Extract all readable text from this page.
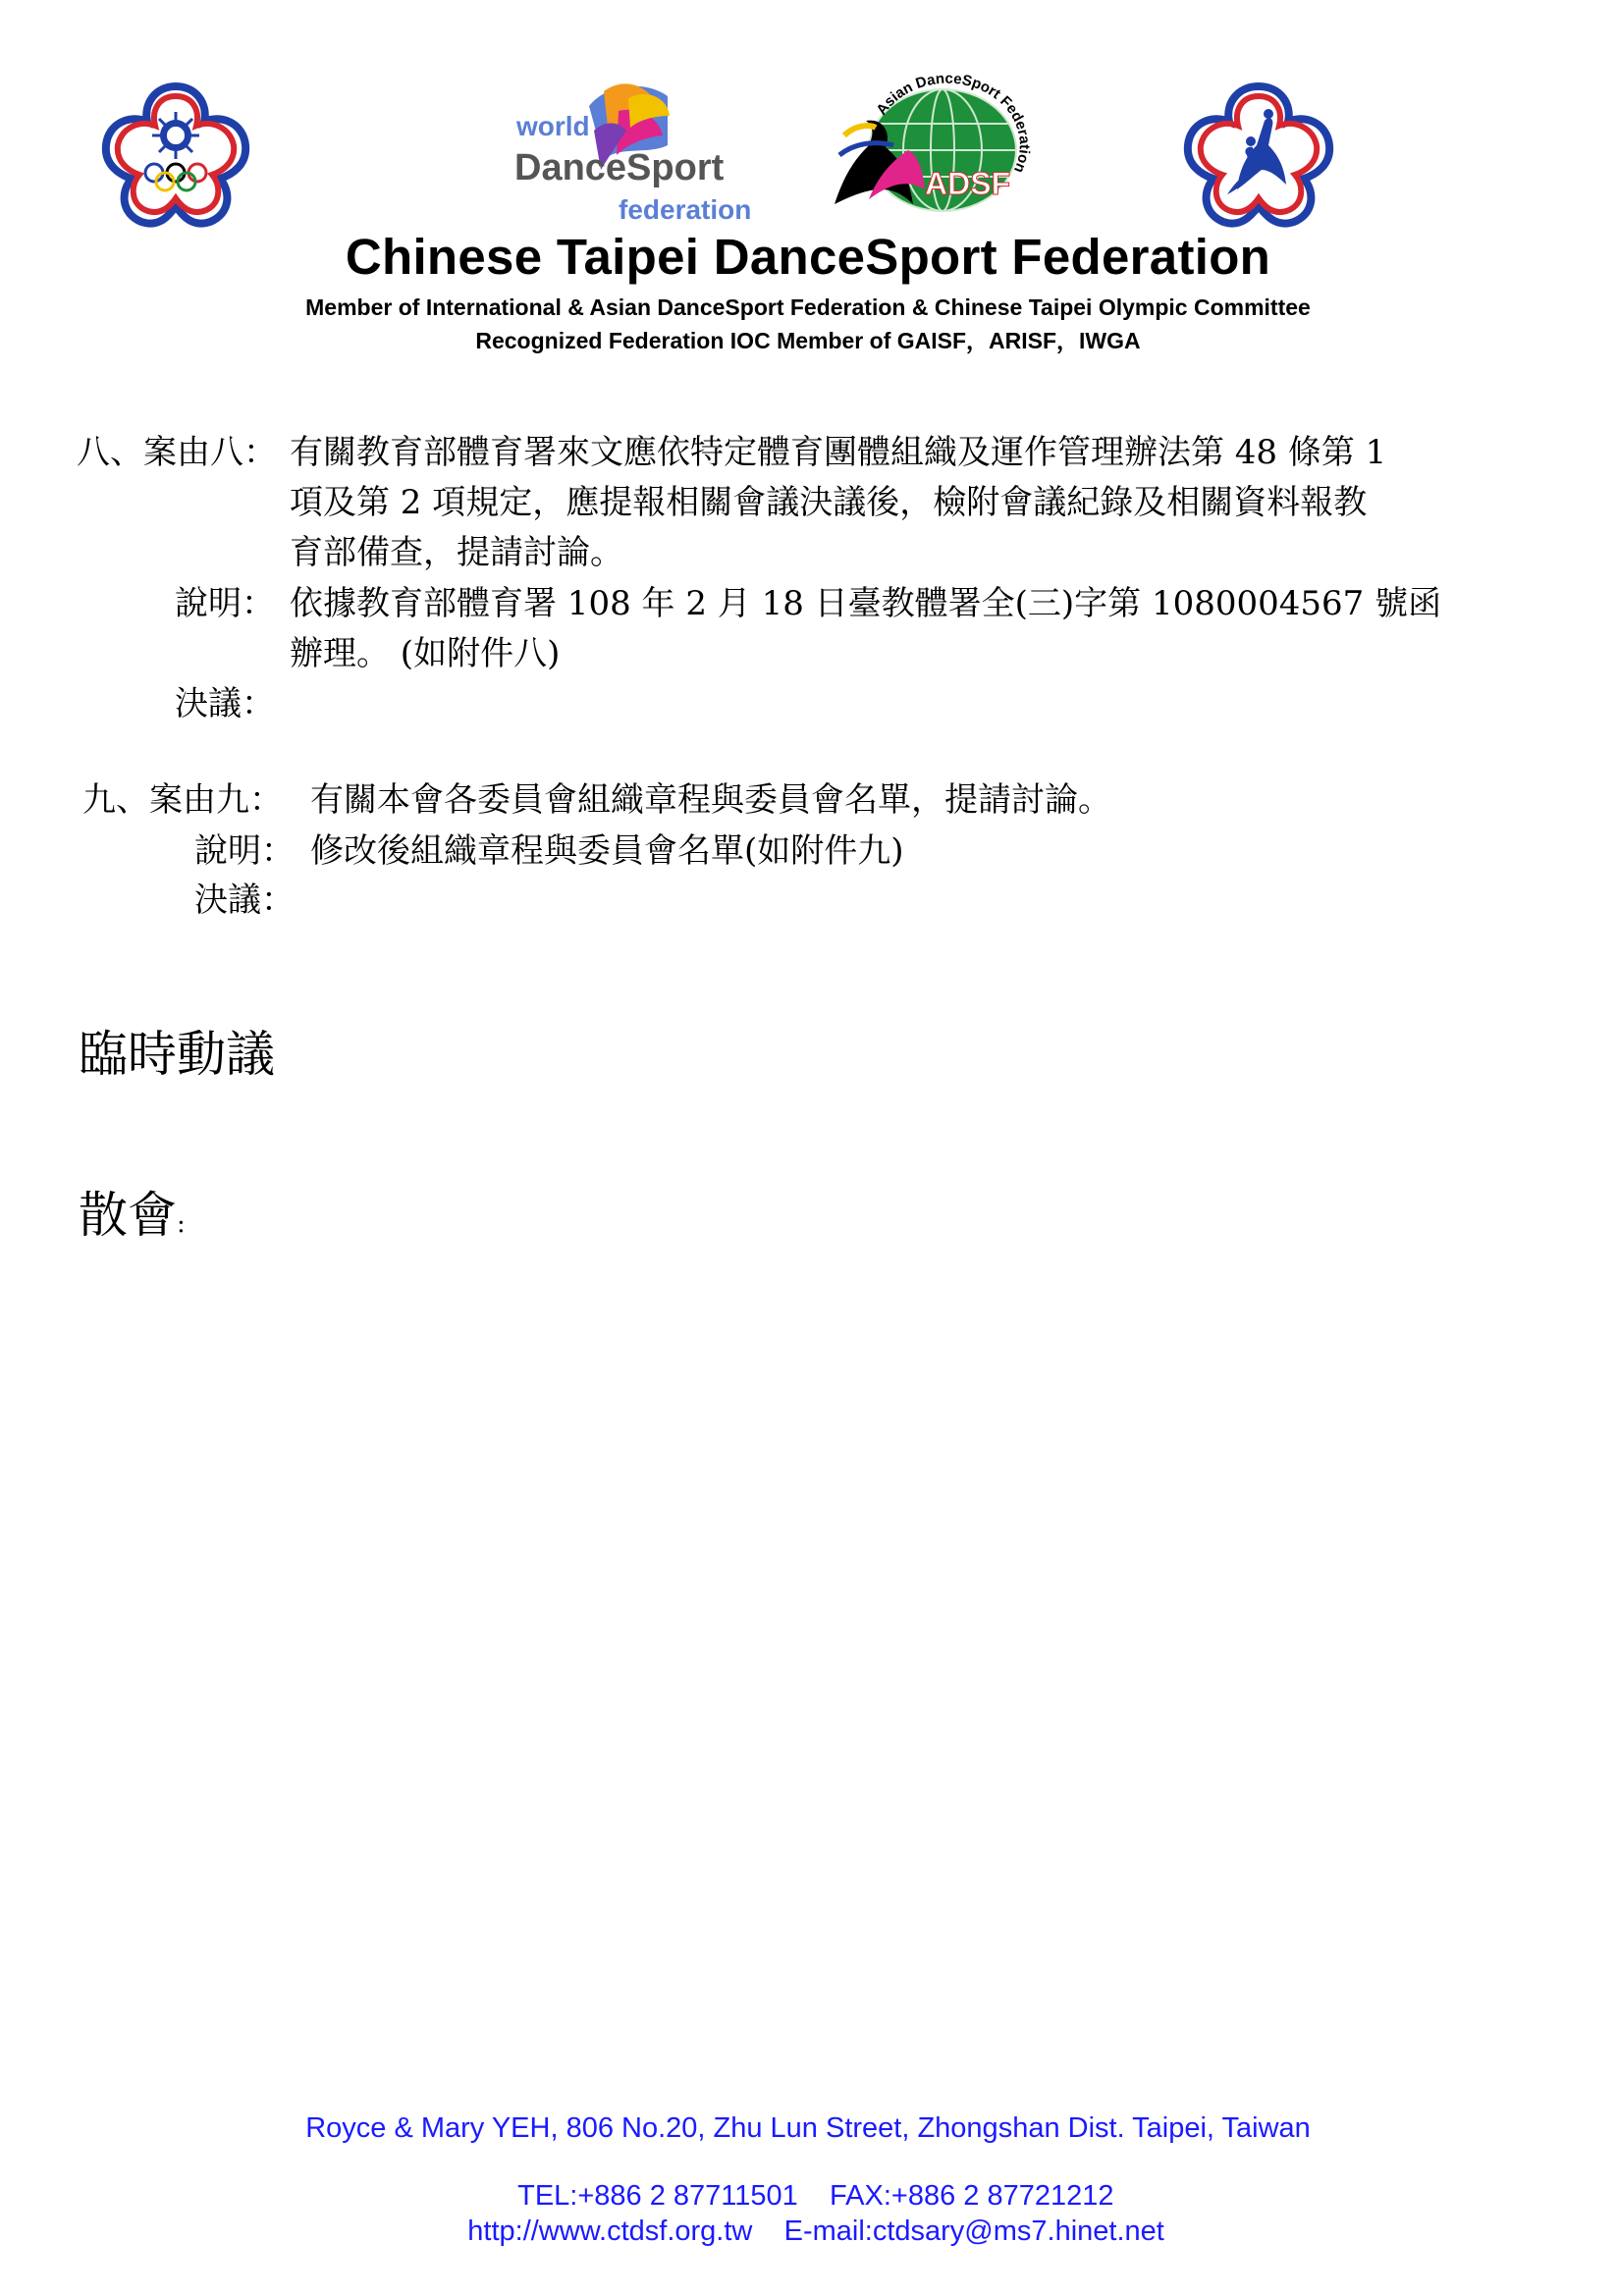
world
DanceSport
federation
Asian DanceSport Federation
ADSF
Chinese Taipei DanceSport Federation
Member of International & Asian DanceSport Federation & Chinese Taipei Olympic Committee
Recognized Federation IOC Member of GAISF，ARISF，IWGA
八、案由八： 有關教育部體育署來文應依特定體育團體組織及運作管理辦法第 48 條第 1
項及第 2 項規定，應提報相關會議決議後，檢附會議紀錄及相關資料報教
育部備查，提請討論。
說明： 依據教育部體育署 108 年 2 月 18 日臺教體署全(三)字第 1080004567 號函
辦理。 (如附件八)
決議：
九、案由九： 有關本會各委員會組織章程與委員會名單，提請討論。
說明： 修改後組織章程與委員會名單(如附件九)
決議：
臨時動議
散會:
Royce & Mary YEH, 806 No.20, Zhu Lun Street, Zhongshan Dist. Taipei, Taiwan

TEL:+886 2 87711501 FAX:+886 2 87721212

http://www.ctdsf.org.tw E-mail:ctdsary@ms7.hinet.net
